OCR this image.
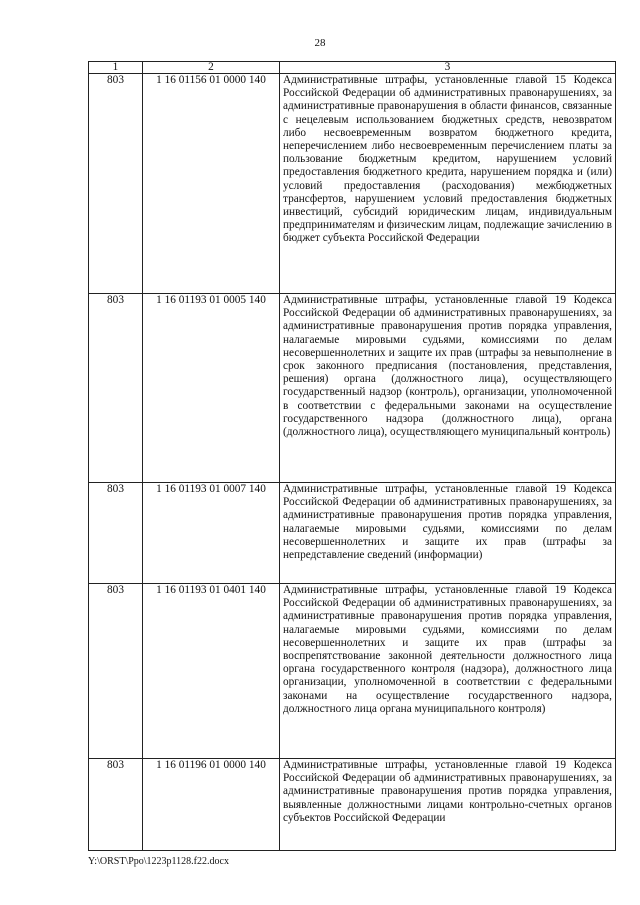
28
1	2	3
803	1 16 01156 01 0000 140	Административные штрафы, установленные главой 15 Кодекса Российской Федерации об административных правонарушениях, за административные правонарушения в области финансов, связанные с нецелевым использованием бюджетных средств, невозвратом либо несвоевременным возвратом бюджетного кредита, неперечислением либо несвоевременным перечислением платы за пользование бюджетным кредитом, нарушением условий предоставления бюджетного кредита, нарушением порядка и (или) условий предоставления (расходования) межбюджетных трансфертов, нарушением условий предоставления бюджетных инвестиций, субсидий юридическим лицам, индивидуальным предпринимателям и физическим лицам, подлежащие зачислению в бюджет субъекта Российской Федерации
803	1 16 01193 01 0005 140	Административные штрафы, установленные главой 19 Кодекса Российской Федерации об административных правонарушениях, за административные правонарушения против порядка управления, налагаемые мировыми судьями, комиссиями по делам несовершеннолетних и защите их прав (штрафы за невыполнение в срок законного предписания (постановления, представления, решения) органа (должностного лица), осуществляющего государственный надзор (контроль), организации, уполномоченной в соответствии с федеральными законами на осуществление государственного надзора (должностного лица), органа (должностного лица), осуществляющего муниципальный контроль)
803	1 16 01193 01 0007 140	Административные штрафы, установленные главой 19 Кодекса Российской Федерации об административных правонарушениях, за административные правонарушения против порядка управления, налагаемые мировыми судьями, комиссиями по делам несовершеннолетних и защите их прав (штрафы за непредставление сведений (информации)
803	1 16 01193 01 0401 140	Административные штрафы, установленные главой 19 Кодекса Российской Федерации об административных правонарушениях, за административные правонарушения против порядка управления, налагаемые мировыми судьями, комиссиями по делам несовершеннолетних и защите их прав (штрафы за воспрепятствование законной деятельности должностного лица органа государственного контроля (надзора), должностного лица организации, уполномоченной в соответствии с федеральными законами на осуществление государственного надзора, должностного лица органа муниципального контроля)
803	1 16 01196 01 0000 140	Административные штрафы, установленные главой 19 Кодекса Российской Федерации об административных правонарушениях, за административные правонарушения против порядка управления, выявленные должностными лицами контрольно-счетных органов субъектов Российской Федерации
Y:\ORST\Ppo\1223p1128.f22.docx
